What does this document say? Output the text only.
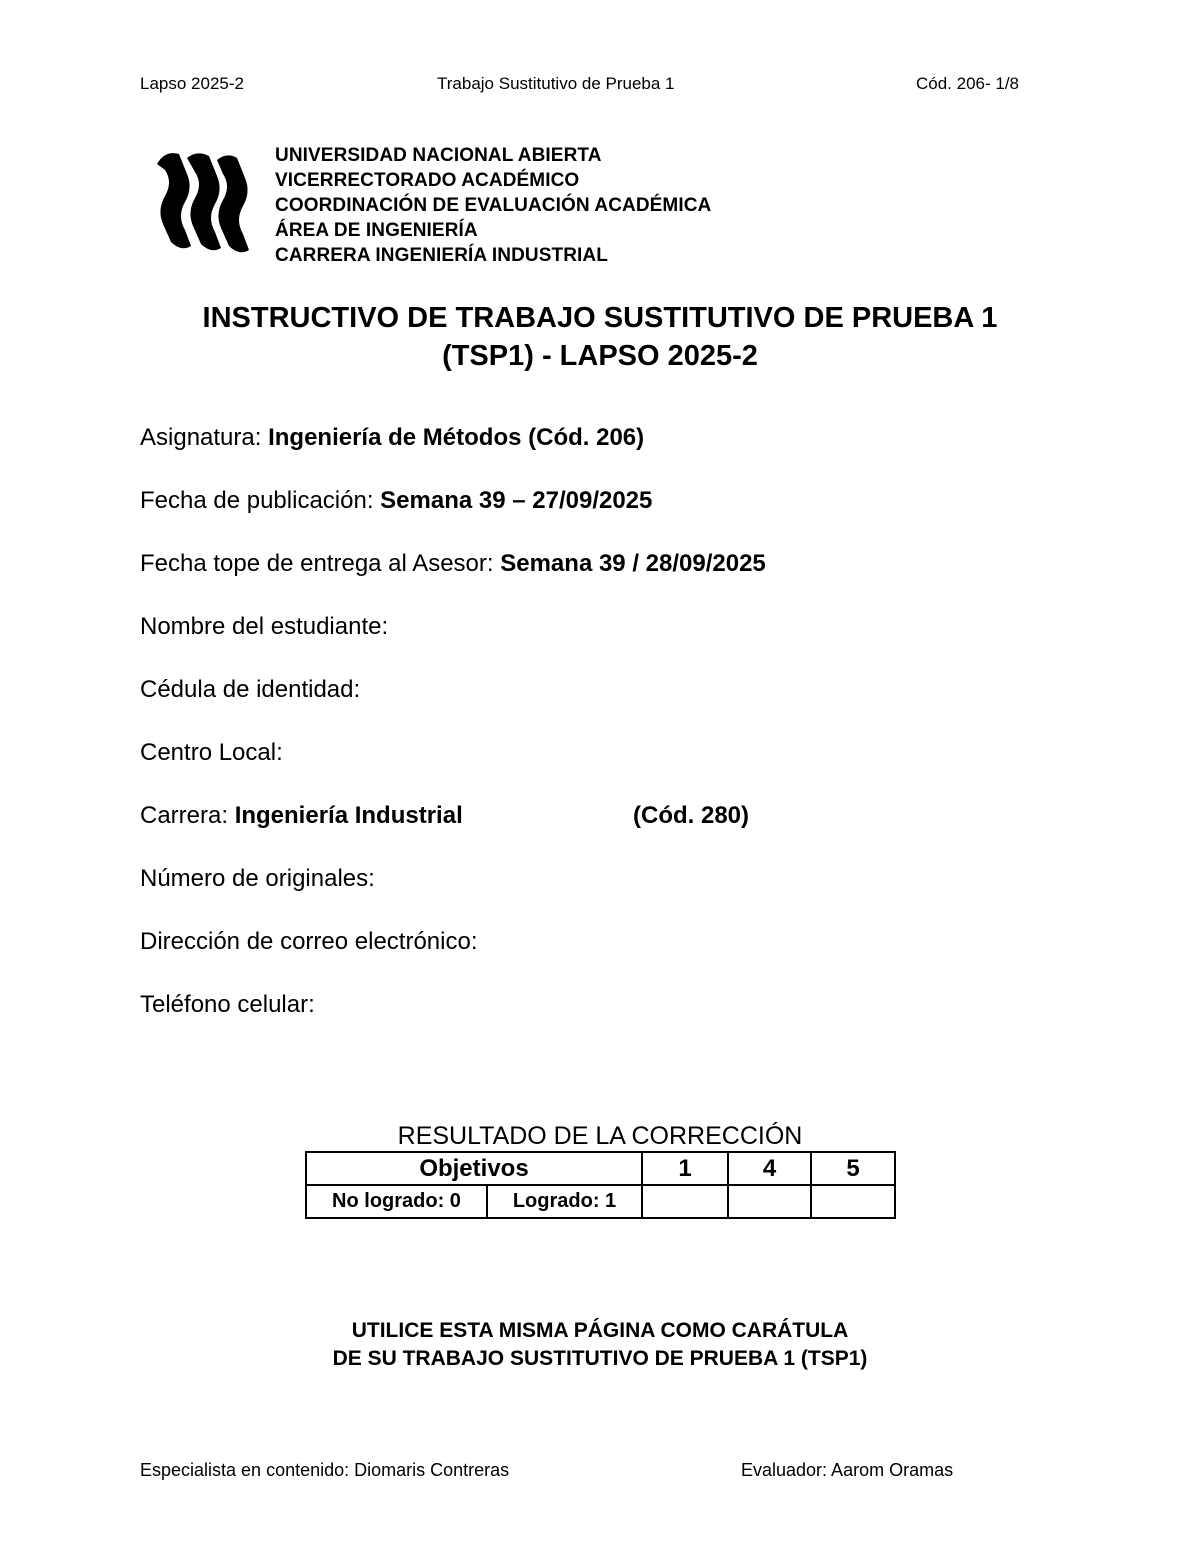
Lapso 2025-2	Trabajo Sustitutivo de Prueba 1	Cód. 206- 1/8
UNIVERSIDAD NACIONAL ABIERTA
VICERRECTORADO ACADÉMICO
COORDINACIÓN DE EVALUACIÓN ACADÉMICA
ÁREA DE INGENIERÍA
CARRERA INGENIERÍA INDUSTRIAL
INSTRUCTIVO DE TRABAJO SUSTITUTIVO DE PRUEBA 1
(TSP1) - LAPSO 2025-2
Asignatura: Ingeniería de Métodos (Cód. 206)
Fecha de publicación: Semana 39 – 27/09/2025
Fecha tope de entrega al Asesor: Semana 39 / 28/09/2025
Nombre del estudiante:
Cédula de identidad:
Centro Local:
Carrera: Ingeniería Industrial	(Cód. 280)
Número de originales:
Dirección de correo electrónico:
Teléfono celular:
RESULTADO DE LA CORRECCIÓN
Objetivos		1	4	5
No logrado: 0	Logrado: 1			
UTILICE ESTA MISMA PÁGINA COMO CARÁTULA
DE SU TRABAJO SUSTITUTIVO DE PRUEBA 1 (TSP1)
Especialista en contenido: Diomaris Contreras	Evaluador: Aarom Oramas
